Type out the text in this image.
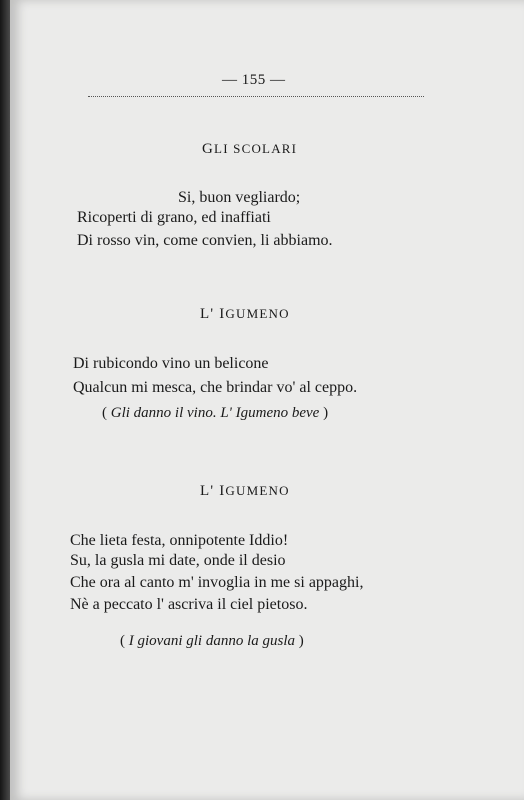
— 155 —
GLI SCOLARI
Si, buon vegliardo;
Ricoperti di grano, ed inaffiati
Di rosso vin, come convien, li abbiamo.
L' IGUMENO
Di rubicondo vino un belicone
Qualcun mi mesca, che brindar vo' al ceppo.
( Gli danno il vino. L' Igumeno beve )
L' IGUMENO
Che lieta festa, onnipotente Iddio!
Su, la gusla mi date, onde il desio
Che ora al canto m' invoglia in me si appaghi,
Nè a peccato l' ascriva il ciel pietoso.
( I giovani gli danno la gusla )
